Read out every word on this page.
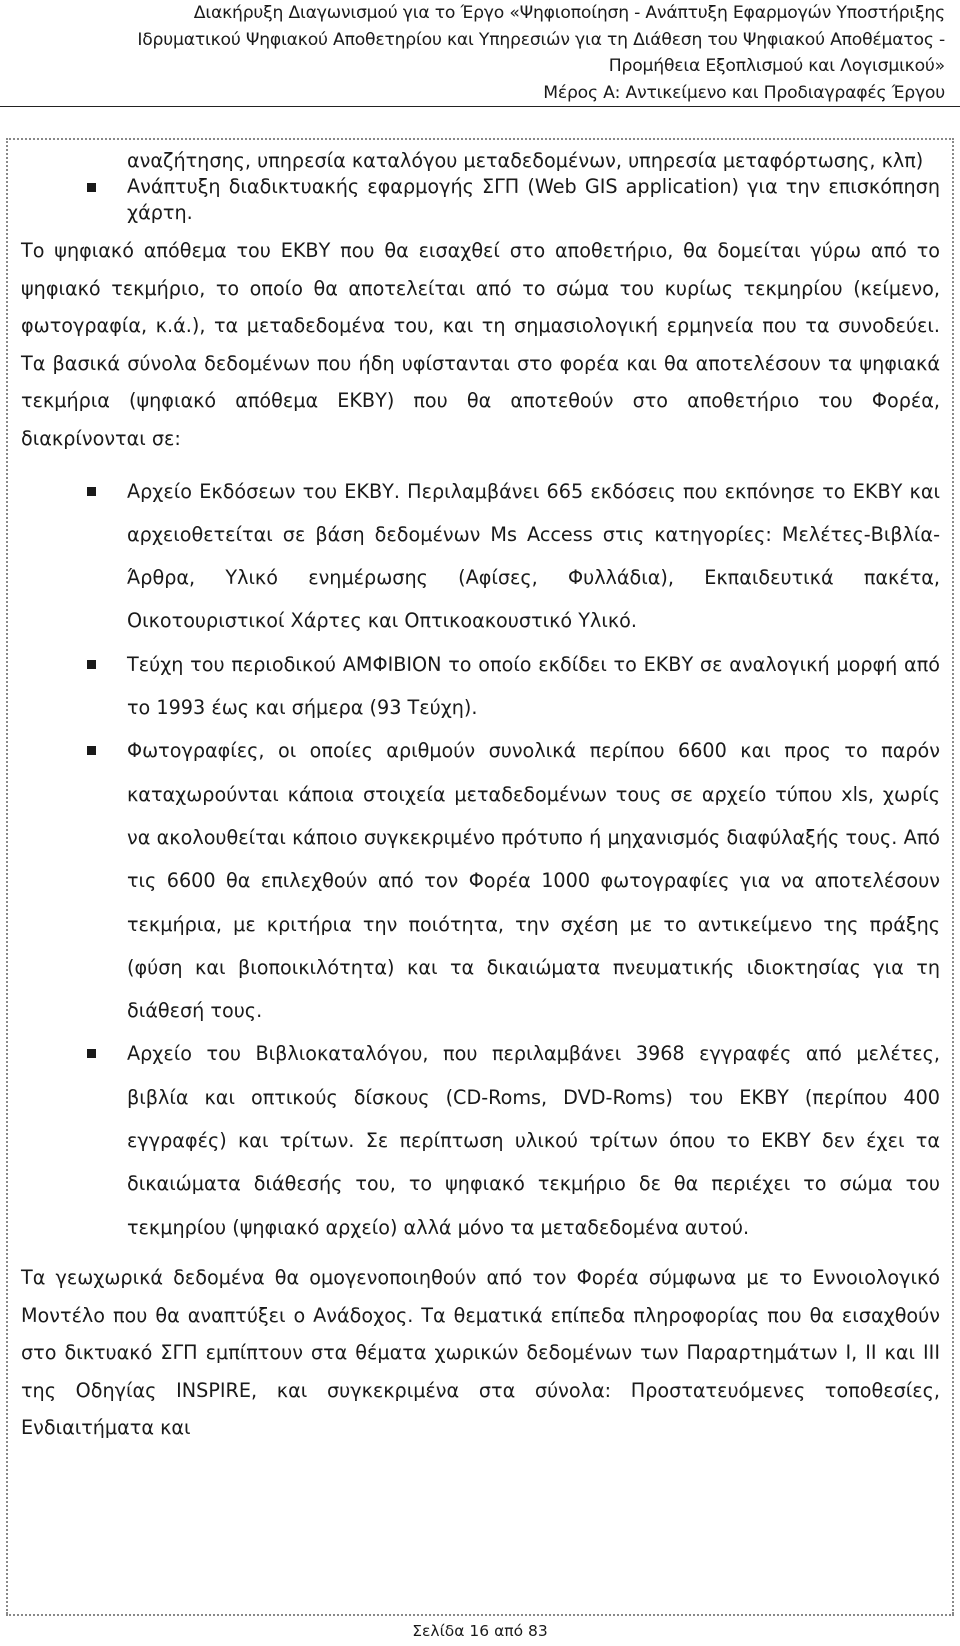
Διακήρυξη Διαγωνισμού για το Έργο «Ψηφιοποίηση - Ανάπτυξη Εφαρμογών Υποστήριξης
Ιδρυματικού Ψηφιακού Αποθετηρίου και Υπηρεσιών για τη Διάθεση του Ψηφιακού Αποθέματος -
Προμήθεια Εξοπλισμού και Λογισμικού»
Μέρος Α: Αντικείμενο και Προδιαγραφές Έργου
αναζήτησης, υπηρεσία καταλόγου μεταδεδομένων, υπηρεσία μεταφόρτωσης, κλπ)
Ανάπτυξη διαδικτυακής εφαρμογής ΣΓΠ (Web GIS application) για την επισκόπηση χάρτη.

Το ψηφιακό απόθεμα του ΕΚΒΥ που θα εισαχθεί στο αποθετήριο, θα δομείται γύρω από το ψηφιακό τεκμήριο, το οποίο θα αποτελείται από το σώμα του κυρίως τεκμηρίου (κείμενο, φωτογραφία, κ.ά.), τα μεταδεδομένα του, και τη σημασιολογική ερμηνεία που τα συνοδεύει. Τα βασικά σύνολα δεδομένων που ήδη υφίστανται στο φορέα και θα αποτελέσουν τα ψηφιακά τεκμήρια (ψηφιακό απόθεμα ΕΚΒΥ) που θα αποτεθούν στο αποθετήριο του Φορέα, διακρίνονται σε:

Αρχείο Εκδόσεων του ΕΚΒΥ. Περιλαμβάνει 665 εκδόσεις που εκπόνησε το ΕΚΒΥ και αρχειοθετείται σε βάση δεδομένων Ms Access στις κατηγορίες: Μελέτες-Βιβλία-Άρθρα, Υλικό ενημέρωσης (Αφίσες, Φυλλάδια), Εκπαιδευτικά πακέτα, Οικοτουριστικοί Χάρτες και Οπτικοακουστικό Υλικό.
Τεύχη του περιοδικού ΑΜΦΙΒΙΟΝ το οποίο εκδίδει το ΕΚΒΥ σε αναλογική μορφή από το 1993 έως και σήμερα (93 Τεύχη).
Φωτογραφίες, οι οποίες αριθμούν συνολικά περίπου 6600 και προς το παρόν καταχωρούνται κάποια στοιχεία μεταδεδομένων τους σε αρχείο τύπου xls, χωρίς να ακολουθείται κάποιο συγκεκριμένο πρότυπο ή μηχανισμός διαφύλαξής τους. Από τις 6600 θα επιλεχθούν από τον Φορέα 1000 φωτογραφίες για να αποτελέσουν τεκμήρια, με κριτήρια την ποιότητα, την σχέση με το αντικείμενο της πράξης (φύση και βιοποικιλότητα) και τα δικαιώματα πνευματικής ιδιοκτησίας για τη διάθεσή τους.
Αρχείο του Βιβλιοκαταλόγου, που περιλαμβάνει 3968 εγγραφές από μελέτες, βιβλία και οπτικούς δίσκους (CD-Roms, DVD-Roms) του ΕΚΒΥ (περίπου 400 εγγραφές) και τρίτων. Σε περίπτωση υλικού τρίτων όπου το ΕΚΒΥ δεν έχει τα δικαιώματα διάθεσής του, το ψηφιακό τεκμήριο δε θα περιέχει το σώμα του τεκμηρίου (ψηφιακό αρχείο) αλλά μόνο τα μεταδεδομένα αυτού.

Τα γεωχωρικά δεδομένα θα ομογενοποιηθούν από τον Φορέα σύμφωνα με το Εννοιολογικό Μοντέλο που θα αναπτύξει ο Ανάδοχος. Τα θεματικά επίπεδα πληροφορίας που θα εισαχθούν στο δικτυακό ΣΓΠ εμπίπτουν στα θέματα χωρικών δεδομένων των Παραρτημάτων Ι, ΙΙ και ΙΙΙ της Οδηγίας INSPIRE, και συγκεκριμένα στα σύνολα: Προστατευόμενες τοποθεσίες, Ενδιαιτήματα και

Σελίδα 16 από 83
